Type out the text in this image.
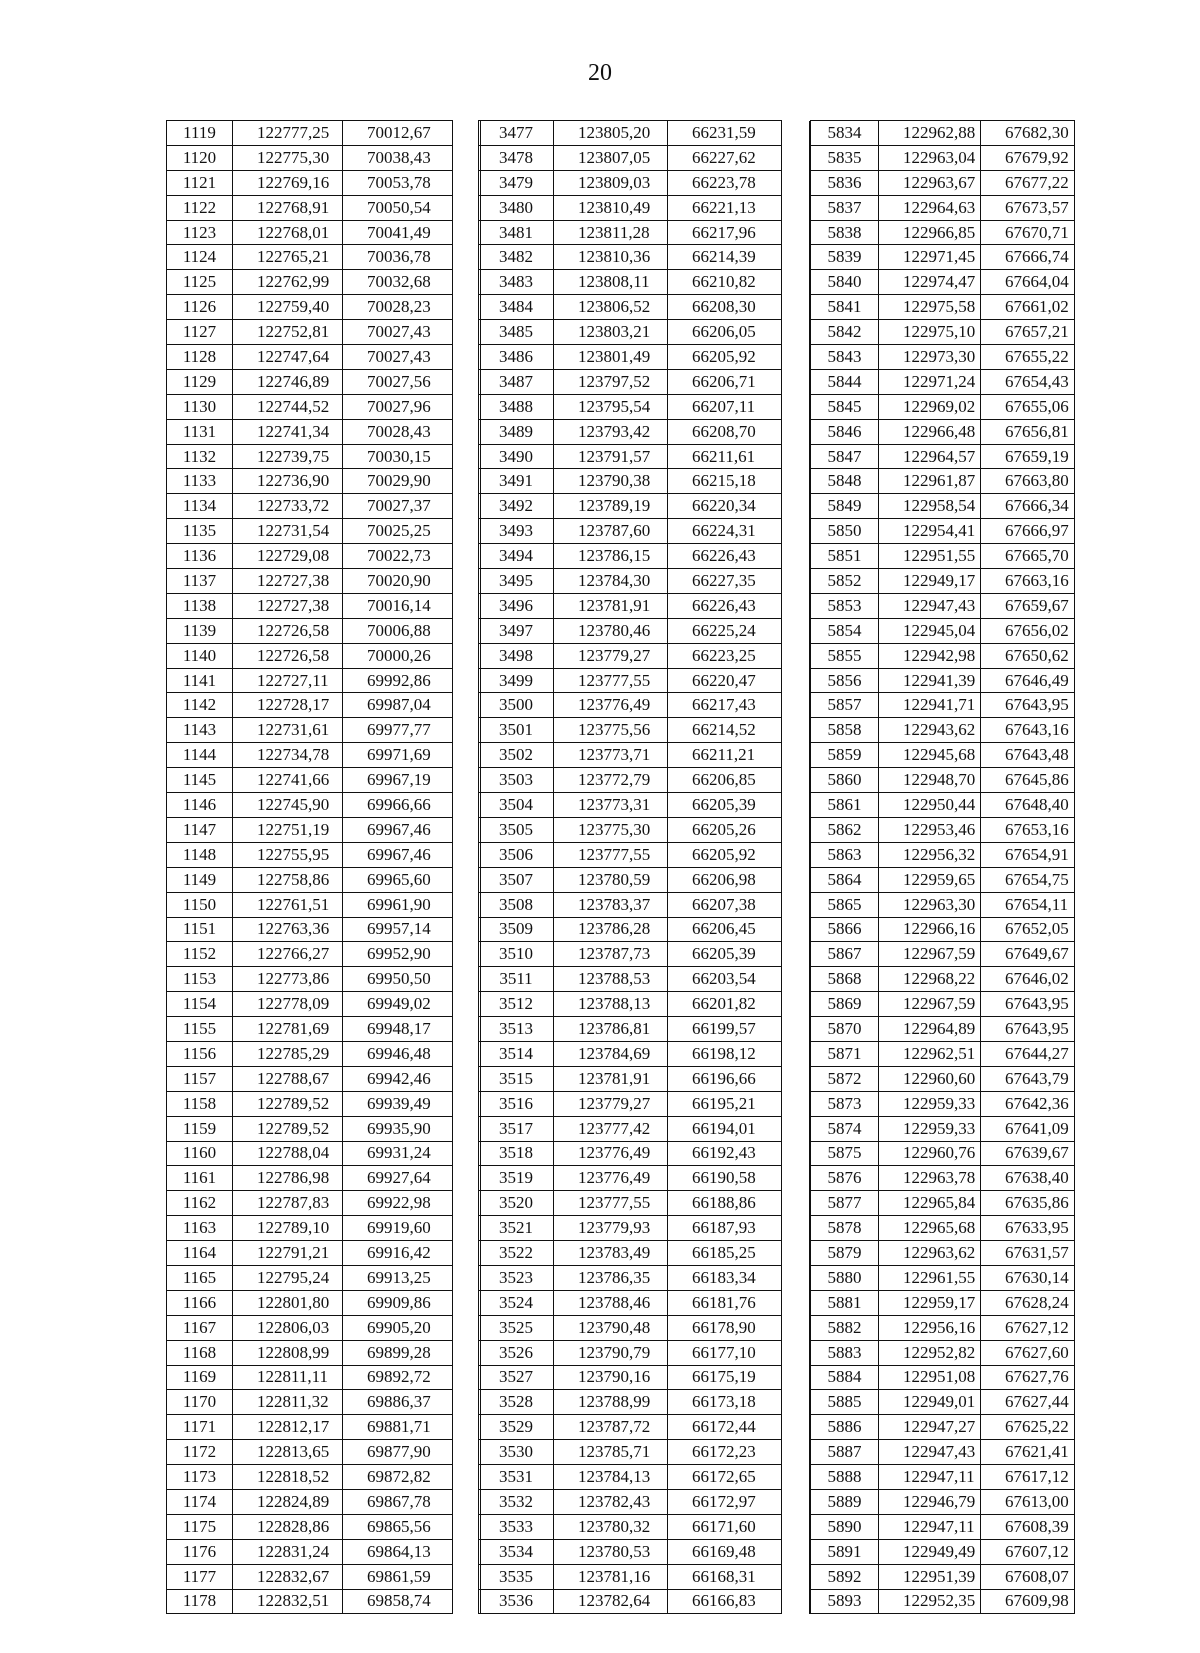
20
1119	122777,25	70012,67	
1120	122775,30	70038,43	
1121	122769,16	70053,78	
1122	122768,91	70050,54	
1123	122768,01	70041,49	
1124	122765,21	70036,78	
1125	122762,99	70032,68	
1126	122759,40	70028,23	
1127	122752,81	70027,43	
1128	122747,64	70027,43	
1129	122746,89	70027,56	
1130	122744,52	70027,96	
1131	122741,34	70028,43	
1132	122739,75	70030,15	
1133	122736,90	70029,90	
1134	122733,72	70027,37	
1135	122731,54	70025,25	
1136	122729,08	70022,73	
1137	122727,38	70020,90	
1138	122727,38	70016,14	
1139	122726,58	70006,88	
1140	122726,58	70000,26	
1141	122727,11	69992,86	
1142	122728,17	69987,04	
1143	122731,61	69977,77	
1144	122734,78	69971,69	
1145	122741,66	69967,19	
1146	122745,90	69966,66	
1147	122751,19	69967,46	
1148	122755,95	69967,46	
1149	122758,86	69965,60	
1150	122761,51	69961,90	
1151	122763,36	69957,14	
1152	122766,27	69952,90	
1153	122773,86	69950,50	
1154	122778,09	69949,02	
1155	122781,69	69948,17	
1156	122785,29	69946,48	
1157	122788,67	69942,46	
1158	122789,52	69939,49	
1159	122789,52	69935,90	
1160	122788,04	69931,24	
1161	122786,98	69927,64	
1162	122787,83	69922,98	
1163	122789,10	69919,60	
1164	122791,21	69916,42	
1165	122795,24	69913,25	
1166	122801,80	69909,86	
1167	122806,03	69905,20	
1168	122808,99	69899,28	
1169	122811,11	69892,72	
1170	122811,32	69886,37	
1171	122812,17	69881,71	
1172	122813,65	69877,90	
1173	122818,52	69872,82	
1174	122824,89	69867,78	
1175	122828,86	69865,56	
1176	122831,24	69864,13	
1177	122832,67	69861,59	
1178	122832,51	69858,74	
3477	123805,20	66231,59	
3478	123807,05	66227,62	
3479	123809,03	66223,78	
3480	123810,49	66221,13	
3481	123811,28	66217,96	
3482	123810,36	66214,39	
3483	123808,11	66210,82	
3484	123806,52	66208,30	
3485	123803,21	66206,05	
3486	123801,49	66205,92	
3487	123797,52	66206,71	
3488	123795,54	66207,11	
3489	123793,42	66208,70	
3490	123791,57	66211,61	
3491	123790,38	66215,18	
3492	123789,19	66220,34	
3493	123787,60	66224,31	
3494	123786,15	66226,43	
3495	123784,30	66227,35	
3496	123781,91	66226,43	
3497	123780,46	66225,24	
3498	123779,27	66223,25	
3499	123777,55	66220,47	
3500	123776,49	66217,43	
3501	123775,56	66214,52	
3502	123773,71	66211,21	
3503	123772,79	66206,85	
3504	123773,31	66205,39	
3505	123775,30	66205,26	
3506	123777,55	66205,92	
3507	123780,59	66206,98	
3508	123783,37	66207,38	
3509	123786,28	66206,45	
3510	123787,73	66205,39	
3511	123788,53	66203,54	
3512	123788,13	66201,82	
3513	123786,81	66199,57	
3514	123784,69	66198,12	
3515	123781,91	66196,66	
3516	123779,27	66195,21	
3517	123777,42	66194,01	
3518	123776,49	66192,43	
3519	123776,49	66190,58	
3520	123777,55	66188,86	
3521	123779,93	66187,93	
3522	123783,49	66185,25	
3523	123786,35	66183,34	
3524	123788,46	66181,76	
3525	123790,48	66178,90	
3526	123790,79	66177,10	
3527	123790,16	66175,19	
3528	123788,99	66173,18	
3529	123787,72	66172,44	
3530	123785,71	66172,23	
3531	123784,13	66172,65	
3532	123782,43	66172,97	
3533	123780,32	66171,60	
3534	123780,53	66169,48	
3535	123781,16	66168,31	
3536	123782,64	66166,83	
5834	122962,88	67682,30
5835	122963,04	67679,92
5836	122963,67	67677,22
5837	122964,63	67673,57
5838	122966,85	67670,71
5839	122971,45	67666,74
5840	122974,47	67664,04
5841	122975,58	67661,02
5842	122975,10	67657,21
5843	122973,30	67655,22
5844	122971,24	67654,43
5845	122969,02	67655,06
5846	122966,48	67656,81
5847	122964,57	67659,19
5848	122961,87	67663,80
5849	122958,54	67666,34
5850	122954,41	67666,97
5851	122951,55	67665,70
5852	122949,17	67663,16
5853	122947,43	67659,67
5854	122945,04	67656,02
5855	122942,98	67650,62
5856	122941,39	67646,49
5857	122941,71	67643,95
5858	122943,62	67643,16
5859	122945,68	67643,48
5860	122948,70	67645,86
5861	122950,44	67648,40
5862	122953,46	67653,16
5863	122956,32	67654,91
5864	122959,65	67654,75
5865	122963,30	67654,11
5866	122966,16	67652,05
5867	122967,59	67649,67
5868	122968,22	67646,02
5869	122967,59	67643,95
5870	122964,89	67643,95
5871	122962,51	67644,27
5872	122960,60	67643,79
5873	122959,33	67642,36
5874	122959,33	67641,09
5875	122960,76	67639,67
5876	122963,78	67638,40
5877	122965,84	67635,86
5878	122965,68	67633,95
5879	122963,62	67631,57
5880	122961,55	67630,14
5881	122959,17	67628,24
5882	122956,16	67627,12
5883	122952,82	67627,60
5884	122951,08	67627,76
5885	122949,01	67627,44
5886	122947,27	67625,22
5887	122947,43	67621,41
5888	122947,11	67617,12
5889	122946,79	67613,00
5890	122947,11	67608,39
5891	122949,49	67607,12
5892	122951,39	67608,07
5893	122952,35	67609,98
